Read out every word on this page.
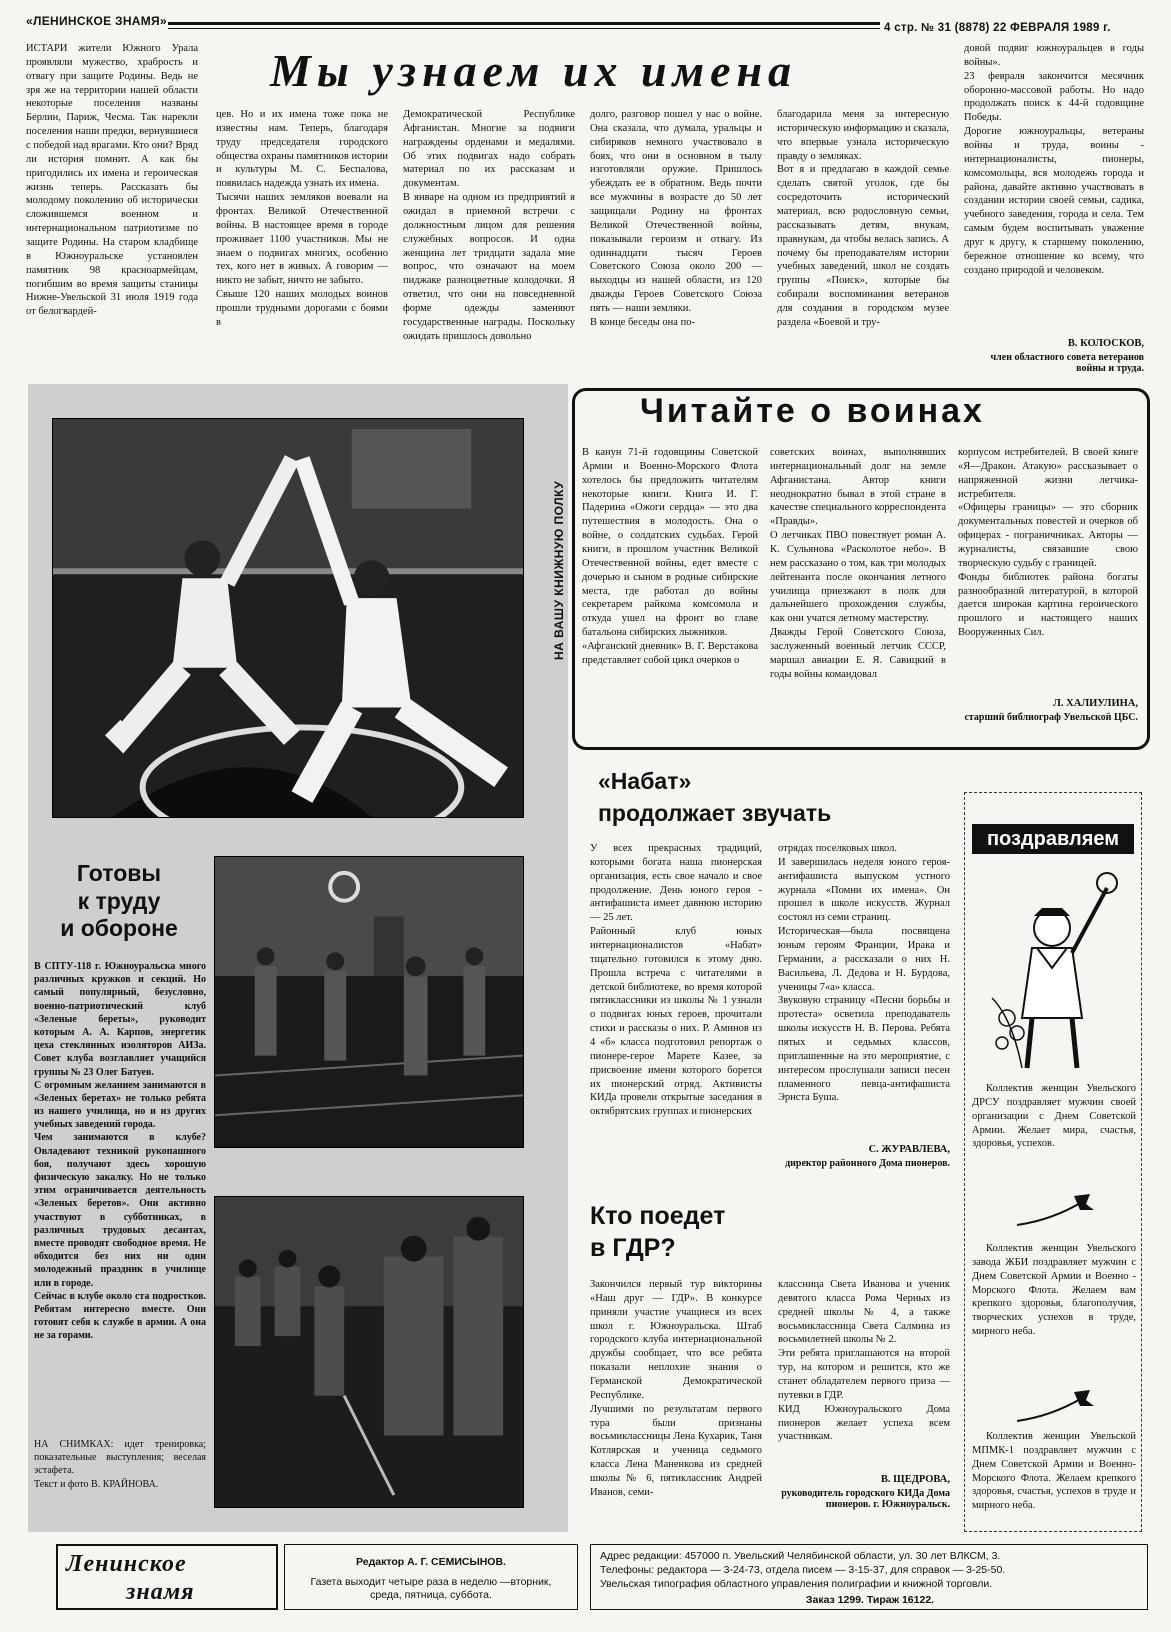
«ЛЕНИНСКОЕ ЗНАМЯ»	4 стр. № 31 (8878) 22 ФЕВРАЛЯ 1989 г.
Мы узнаем их имена
ИСТАРИ жители Южного Урала проявляли мужество, храбрость и отвагу при защите Родины. Ведь не зря же на территории нашей области некоторые поселения названы Берлин, Париж, Чесма. Так нарекли поселения наши предки, вернувшиеся с победой над врагами. Кто они? Вряд ли история помнит. А как бы пригодились их имена и героическая жизнь теперь. Рассказать бы молодому поколению об исторически сложившемся военном и интернациональном патриотизме по защите Родины. На старом кладбище в Южноуральске установлен памятник 98 красноармейцам, погибшим во время защиты станицы Нижне-Увельской 31 июля 1919 года от белогвардей-
цев. Но и их имена тоже пока не известны нам. Теперь, благодаря труду председателя городского общества охраны памятников истории и культуры М. С. Беспалова, появилась надежда узнать их имена.
Тысячи наших земляков воевали на фронтах Великой Отечественной войны. В настоящее время в городе проживает 1100 участников. Мы не знаем о подвигах многих, особенно тех, кого нет в живых. А говорим — никто не забыт, ничто не забыто.
Свыше 120 наших молодых воинов прошли трудными дорогами с боями в
Демократической Республике Афганистан. Многие за подвиги награждены орденами и медалями. Об этих подвигах надо собрать материал по их рассказам и документам.
В январе на одном из предприятий я ожидал в приемной встречи с должностным лицом для решения служебных вопросов. И одна женщина лет тридцати задала мне вопрос, что означают на моем пиджаке разноцветные колодочки. Я ответил, что они на повседневной форме одежды заменяют государственные награды. Поскольку ожидать пришлось довольно
долго, разговор пошел у нас о войне. Она сказала, что думала, уральцы и сибиряков немного участвовало в боях, что они в основном в тылу изготовляли оружие. Пришлось убеждать ее в обратном. Ведь почти все мужчины в возрасте до 50 лет защищали Родину на фронтах Великой Отечественной войны, показывали героизм и отвагу. Из одиннадцати тысяч Героев Советского Союза около 200 — выходцы из нашей области, из 120 дважды Героев Советского Союза пять — наши земляки.
В конце беседы она по-
благодарила меня за интересную историческую информацию и сказала, что впервые узнала историческую правду о земляках.
Вот я и предлагаю в каждой семье сделать святой уголок, где бы сосредоточить исторический материал, всю родословную семьи, рассказывать детям, внукам, правнукам, да чтобы велась запись. А почему бы преподавателям истории учебных заведений, школ не создать группы «Поиск», которые бы собирали воспоминания ветеранов для создания в городском музее раздела «Боевой и тру-
довой подвиг южноуральцев в годы войны».
23 февраля закончится месячник оборонно-массовой работы. Но надо продолжать поиск к 44-й годовщине Победы.
Дорогие южноуральцы, ветераны войны и труда, воины - интернационалисты, пионеры, комсомольцы, вся молодежь города и района, давайте активно участвовать в создании истории своей семьи, садика, учебного заведения, города и села. Тем самым будем воспитывать уважение друг к другу, к старшему поколению, бережное отношение ко всему, что создано природой и человеком.
В. КОЛОСКОВ,
член областного совета ветеранов войны и труда.
Готовы
к труду
и обороне
В СПТУ-118 г. Южноуральска много различных кружков и секций. Но самый популярный, безусловно, военно-патриотический клуб «Зеленые береты», руководит которым А. А. Карпов, энергетик цеха стеклянных изоляторов АИЗа. Совет клуба возглавляет учащийся группы № 23 Олег Батуев.
С огромным желанием занимаются в «Зеленых беретах» не только ребята из нашего училища, но и из других учебных заведений города.
Чем занимаются в клубе? Овладевают техникой рукопашного боя, получают здесь хорошую физическую закалку. Но не только этим ограничивается деятельность «Зеленых беретов». Они активно участвуют в субботниках, в различных трудовых десантах, вместе проводят свободное время. Не обходится без них ни один молодежный праздник в училище или в городе.
Сейчас в клубе около ста подростков. Ребятам интересно вместе. Они готовят себя к службе в армии. А она не за горами.
НА СНИМКАХ: идет тренировка; показательные выступления; веселая эстафета.
Текст и фото В. КРАЙНОВА.
Читайте о воинах
НА ВАШУ КНИЖНУЮ ПОЛКУ
В канун 71-й годовщины Советской Армии и Военно-Морского Флота хотелось бы предложить читателям некоторые книги. Книга И. Г. Падерина «Ожоги сердца» — это два путешествия в молодость. Она о войне, о солдатских судьбах. Герой книги, в прошлом участник Великой Отечественной войны, едет вместе с дочерью и сыном в родные сибирские места, где работал до войны секретарем райкома комсомола и откуда ушел на фронт во главе батальона сибирских лыжников.
«Афганский дневник» В. Г. Верстакова представляет собой цикл очерков о
советских воинах, выполнявших интернациональный долг на земле Афганистана. Автор книги неоднократно бывал в этой стране в качестве специального корреспондента «Правды».
О летчиках ПВО повествует роман А. К. Сульянова «Расколотое небо». В нем рассказано о том, как три молодых лейтенанта после окончания летного училища приезжают в полк для дальнейшего прохождения службы, как они учатся летному мастерству.
Дважды Герой Советского Союза, заслуженный военный летчик СССР, маршал авиации Е. Я. Савицкий в годы войны командовал
корпусом истребителей. В своей книге «Я—Дракон. Атакую» рассказывает о напряженной жизни летчика-истребителя.
«Офицеры границы» — это сборник документальных повестей и очерков об офицерах - пограничниках. Авторы —журналисты, связавшие свою творческую судьбу с границей.
Фонды библиотек района богаты разнообразной литературой, в которой дается широкая картина героического прошлого и настоящего наших Вооруженных Сил.
Л. ХАЛИУЛИНА,
старший библиограф Увельской ЦБС.
«Набат»
продолжает звучать
У всех прекрасных традиций, которыми богата наша пионерская организация, есть свое начало и свое продолжение. День юного героя - антифашиста имеет давнюю историю — 25 лет.
Районный клуб юных интернационалистов «Набат» тщательно готовился к этому дню. Прошла встреча с читателями в детской библиотеке, во время которой пятиклассники из школы № 1 узнали о подвигах юных героев, прочитали стихи и рассказы о них. Р. Аминов из 4 «б» класса подготовил репортаж о пионере-герое Марете Казее, за присвоение имени которого борется их пионерский отряд. Активисты КИДа провели открытые заседания в октябрятских группах и пионерских
отрядах поселковых школ.
И завершилась неделя юного героя-антифашиста выпуском устного журнала «Помни их имена». Он прошел в школе искусств. Журнал состоял из семи страниц.
Историческая—была посвящена юным героям Франции, Ирака и Германии, а рассказали о них Н. Васильева, Л. Дедова и Н. Бурдова, ученицы 7«а» класса.
Звуковую страницу «Песни борьбы и протеста» осветила преподаватель школы искусств Н. В. Перова. Ребята пятых и седьмых классов, приглашенные на это мероприятие, с интересом прослушали записи песен пламенного певца-антифашиста Эрнста Буша.
С. ЖУРАВЛЕВА,
директор районного Дома пионеров.
Кто поедет
в ГДР?
Закончился первый тур викторины «Наш друг — ГДР». В конкурсе приняли участие учащиеся из всех школ г. Южноуральска. Штаб городского клуба интернациональной дружбы сообщает, что все ребята показали неплохие знания о Германской Демократической Республике.
Лучшими по результатам первого тура были признаны восьмиклассницы Лена Кухарик, Таня Котлярская и ученица седьмого класса Лена Маненкова из средней школы № 6, пятиклассник Андрей Иванов, семи-
классница Света Иванова и ученик девятого класса Рома Черных из средней школы № 4, а также восьмиклассница Света Салмина из восьмилетней школы № 2.
Эти ребята приглашаются на второй тур, на котором и решится, кто же станет обладателем первого приза — путевки в ГДР.
КИД Южноуральского Дома пионеров желает успеха всем участникам.
В. ЩЕДРОВА,
руководитель городского КИДа Дома пионеров. г. Южноуральск.
поздравляем
Коллектив женщин Увельского ДРСУ поздравляет мужчин своей организации с Днем Советской Армии. Желает мира, счастья, здоровья, успехов.
Коллектив женщин Увельского завода ЖБИ поздравляет мужчин с Днем Советской Армии и Военно - Морского Флота. Желаем вам крепкого здоровья, благополучия, творческих успехов в труде, мирного неба.
Коллектив женщин Увельской МПМК-1 поздравляет мужчин с Днем Советской Армии и Военно- Морского Флота. Желаем крепкого здоровья, счастья, успехов в труде и мирного неба.
Ленинское
знамя
Редактор А. Г. СЕМИСЫНОВ.
Газета выходит четыре раза в неделю —вторник, среда, пятница, суббота.
Адрес редакции: 457000 п. Увельский Челябинской области, ул. 30 лет ВЛКСМ, 3.
Телефоны: редактора — 3-24-73, отдела писем — 3-15-37, для справок — 3-25-50.
Увельская типография областного управления полиграфии и книжной торговли.
Заказ 1299. Тираж 16122.
